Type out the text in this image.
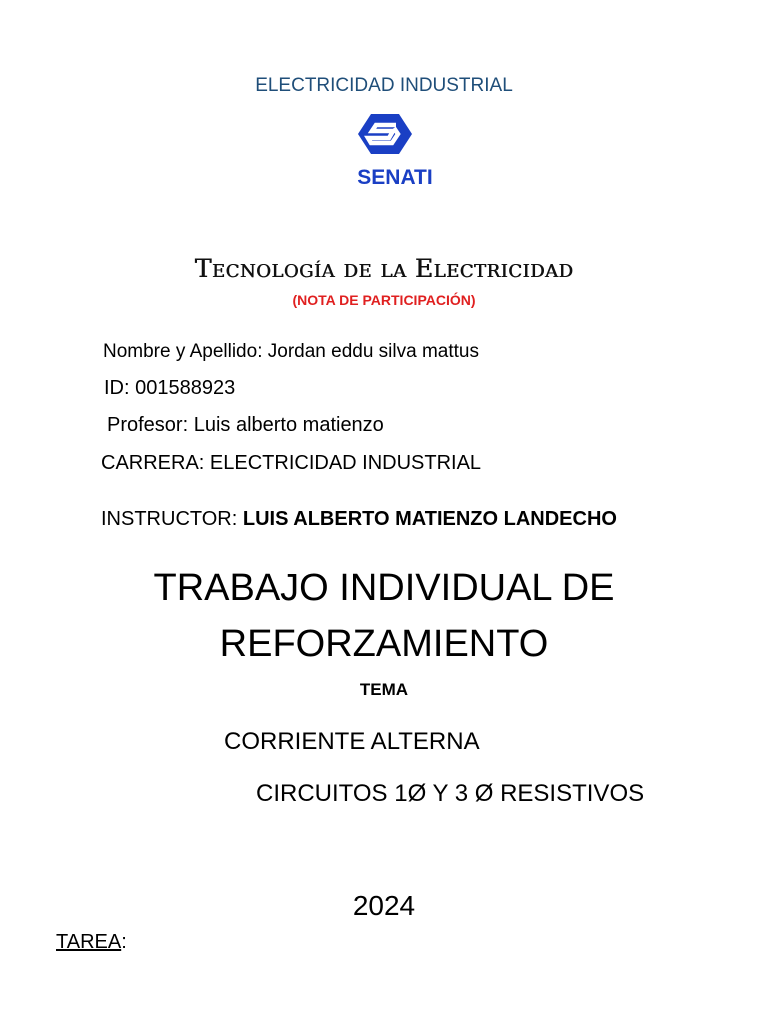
ELECTRICIDAD INDUSTRIAL
SENATI
Tecnología de la Electricidad
(NOTA DE PARTICIPACIÓN)
Nombre y Apellido: Jordan eddu silva mattus
ID: 001588923
Profesor: Luis alberto matienzo
CARRERA: ELECTRICIDAD INDUSTRIAL
INSTRUCTOR: LUIS ALBERTO MATIENZO LANDECHO
TRABAJO INDIVIDUAL DE
REFORZAMIENTO
TEMA
CORRIENTE ALTERNA
CIRCUITOS 1Ø Y 3 Ø RESISTIVOS
2024
TAREA:
